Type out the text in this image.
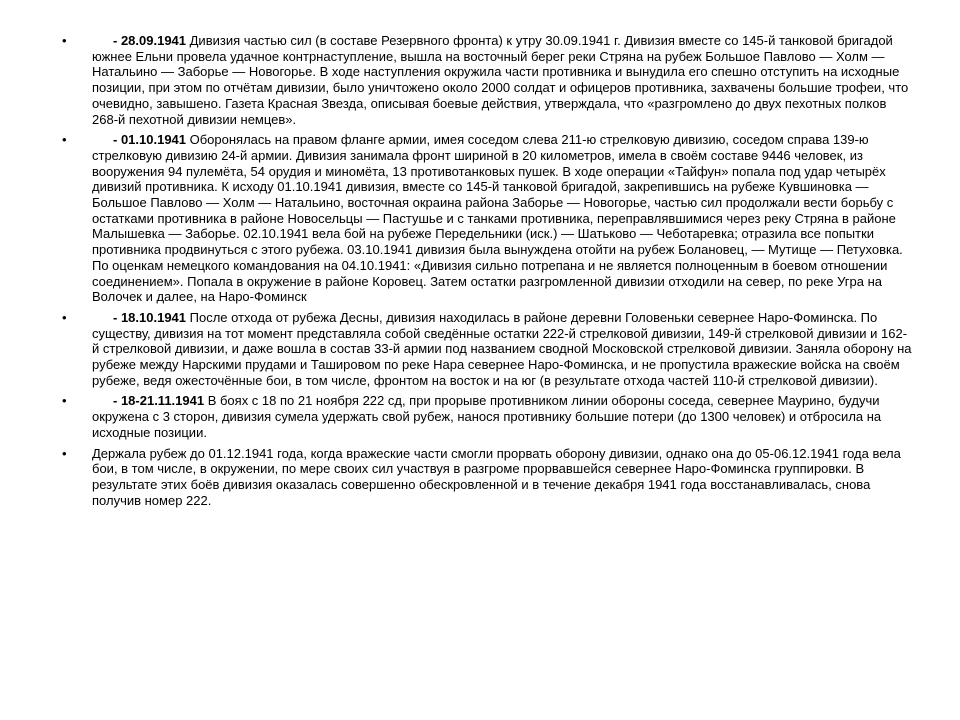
•	- 28.09.1941 Дивизия частью сил (в составе Резервного фронта) к утру 30.09.1941 г. Дивизия вместе со 145-й танковой бригадой южнее Ельни провела удачное контрнаступление, вышла на восточный берег реки Стряна на рубеж Большое Павлово — Холм — Натальино — Заборье — Новогорье. В ходе наступления окружила части противника и вынудила его спешно отступить на исходные позиции, при этом по отчётам дивизии, было уничтожено около 2000 солдат и офицеров противника, захвачены большие трофеи, что очевидно, завышено. Газета Красная Звезда, описывая боевые действия, утверждала, что «разгромлено до двух пехотных полков 268-й пехотной дивизии немцев».
•	- 01.10.1941 Оборонялась на правом фланге армии, имея соседом слева 211-ю стрелковую дивизию, соседом справа 139-ю стрелковую дивизию 24-й армии. Дивизия занимала фронт шириной в 20 километров, имела в своём составе 9446 человек, из вооружения 94 пулемёта, 54 орудия и миномёта, 13 противотанковых пушек. В ходе операции «Тайфун» попала под удар четырёх дивизий противника. К исходу 01.10.1941 дивизия, вместе со 145-й танковой бригадой, закрепившись на рубеже Кувшиновка — Большое Павлово — Холм — Натальино, восточная окраина района Заборье — Новогорье, частью сил продолжали вести борьбу с остатками противника в районе Новосельцы — Пастушье и с танками противника, переправлявшимися через реку Стряна в районе Малышевка — Заборье. 02.10.1941 вела бой на рубеже Передельники (иск.) — Шатьково — Чеботаревка; отразила все попытки противника продвинуться с этого рубежа. 03.10.1941 дивизия была вынуждена отойти на рубеж Болановец, — Мутище — Петуховка. По оценкам немецкого командования на 04.10.1941: «Дивизия сильно потрепана и не является полноценным в боевом отношении соединением». Попала в окружение в районе Коровец. Затем остатки разгромленной дивизии отходили на север, по реке Угра на Волочек и далее, на Наро-Фоминск
•	- 18.10.1941 После отхода от рубежа Десны, дивизия находилась в районе деревни Головеньки севернее Наро-Фоминска. По существу, дивизия на тот момент представляла собой сведённые остатки 222-й стрелковой дивизии, 149-й стрелковой дивизии и 162-й стрелковой дивизии, и даже вошла в состав 33-й армии под названием сводной Московской стрелковой дивизии. Заняла оборону на рубеже между Нарскими прудами и Ташировом по реке Нара севернее Наро-Фоминска, и не пропустила вражеские войска на своём рубеже, ведя ожесточённые бои, в том числе, фронтом на восток и на юг (в результате отхода частей 110-й стрелковой дивизии).
•	- 18-21.11.1941 В боях с 18 по 21 ноября 222 сд, при прорыве противником линии обороны соседа, севернее Маурино, будучи окружена с 3 сторон, дивизия сумела удержать свой рубеж, нанося противнику большие потери (до 1300 человек) и отбросила на исходные позиции.
• Держала рубеж до 01.12.1941 года, когда вражеские части смогли прорвать оборону дивизии, однако она до 05-06.12.1941 года вела бои, в том числе, в окружении, по мере своих сил участвуя в разгроме прорвавшейся севернее Наро-Фоминска группировки. В результате этих боёв дивизия оказалась совершенно обескровленной и в течение декабря 1941 года восстанавливалась, снова получив номер 222.
